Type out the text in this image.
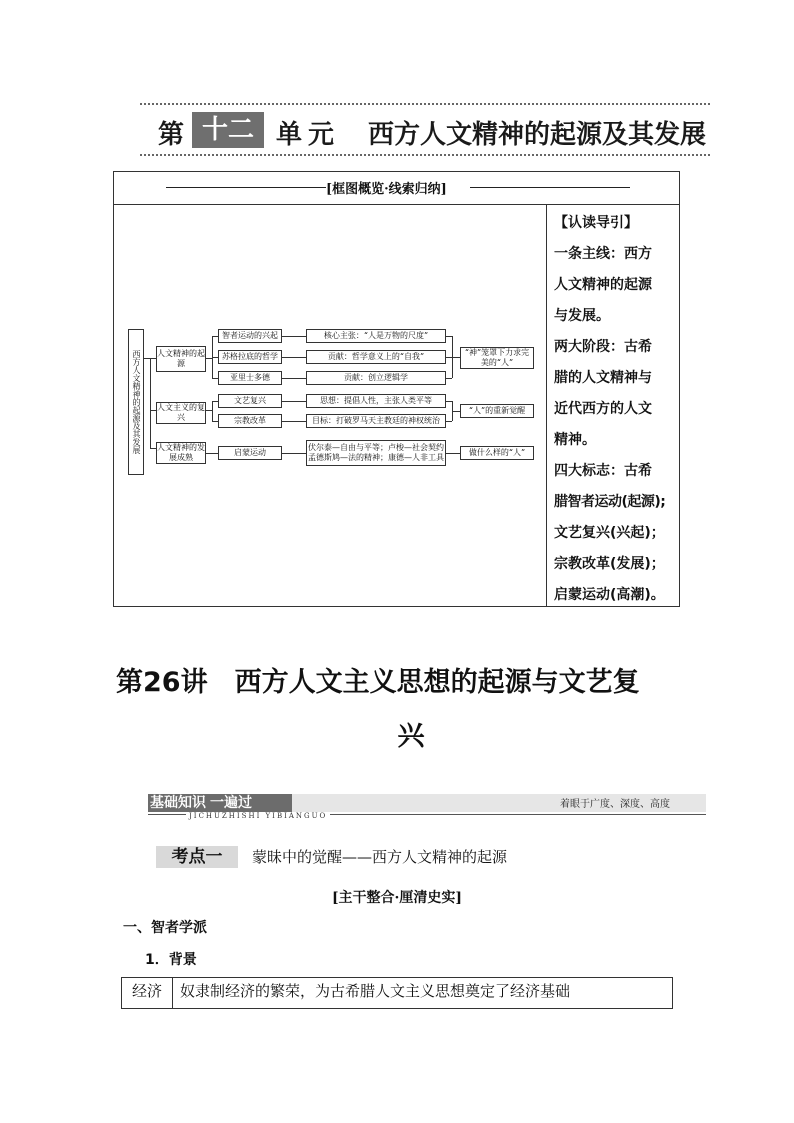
第 十二 单元 西方人文精神的起源及其发展
[框图概览·线索归纳]
西方人文精神的起源及其发展	人文精神的起源
人文主义的复兴
人文精神的发展成熟
智者运动的兴起
苏格拉底的哲学
亚里士多德
文艺复兴
宗教改革
启蒙运动
核心主张：“人是万物的尺度”
贡献：哲学意义上的“自我”
贡献：创立逻辑学
思想：提倡人性，主张人类平等
目标：打破罗马天主教廷的神权统治
伏尔泰—自由与平等；卢梭—社会契约
孟德斯鸠—法的精神；康德—人非工具
“神”笼罩下力求完美的“人”
“人”的重新觉醒
做什么样的“人”

【认读导引】

一条主线：西方

人文精神的起源

与发展。

两大阶段：古希

腊的人文精神与

近代西方的人文

精神。

四大标志：古希

腊智者运动(起源);

文艺复兴(兴起)；

宗教改革(发展)；

启蒙运动(高潮)。

第26讲　西方人文主义思想的起源与文艺复
兴
基础知识 一遍过
JICHUZHISHI YIBIANGUO
着眼于广度、深度、高度
考点一	蒙昧中的觉醒——西方人文精神的起源
[主干整合·厘清史实]
一、智者学派
1．背景
经济	奴隶制经济的繁荣，为古希腊人文主义思想奠定了经济基础
